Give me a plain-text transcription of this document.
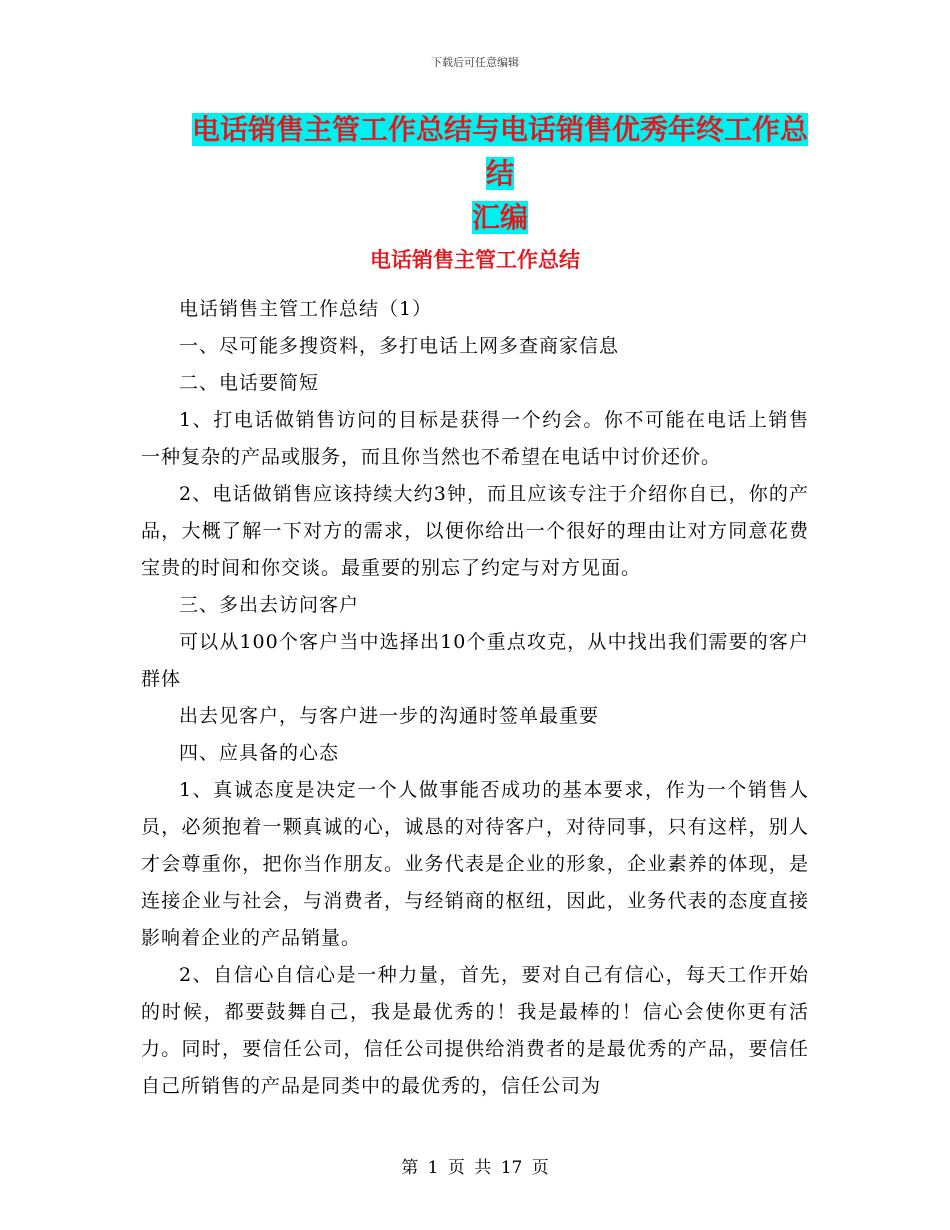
下载后可任意编辑
电话销售主管工作总结与电话销售优秀年终工作总结
汇编
电话销售主管工作总结

电话销售主管工作总结（1）

一、尽可能多搜资料，多打电话上网多查商家信息

二、电话要简短

1、打电话做销售访问的目标是获得一个约会。你不可能在电话上销售一种复杂的产品或服务，而且你当然也不希望在电话中讨价还价。

2、电话做销售应该持续大约3钟，而且应该专注于介绍你自已，你的产品，大概了解一下对方的需求，以便你给出一个很好的理由让对方同意花费宝贵的时间和你交谈。最重要的别忘了约定与对方见面。

三、多出去访问客户

可以从100个客户当中选择出10个重点攻克，从中找出我们需要的客户群体

出去见客户，与客户进一步的沟通时签单最重要

四、应具备的心态

1、真诚态度是决定一个人做事能否成功的基本要求，作为一个销售人员，必须抱着一颗真诚的心，诚恳的对待客户，对待同事，只有这样，别人才会尊重你，把你当作朋友。业务代表是企业的形象，企业素养的体现，是连接企业与社会，与消费者，与经销商的枢纽，因此，业务代表的态度直接影响着企业的产品销量。

2、自信心自信心是一种力量，首先，要对自己有信心，每天工作开始的时候，都要鼓舞自己，我是最优秀的！我是最棒的！信心会使你更有活力。同时，要信任公司，信任公司提供给消费者的是最优秀的产品，要信任自己所销售的产品是同类中的最优秀的，信任公司为

第 1 页 共 17 页
